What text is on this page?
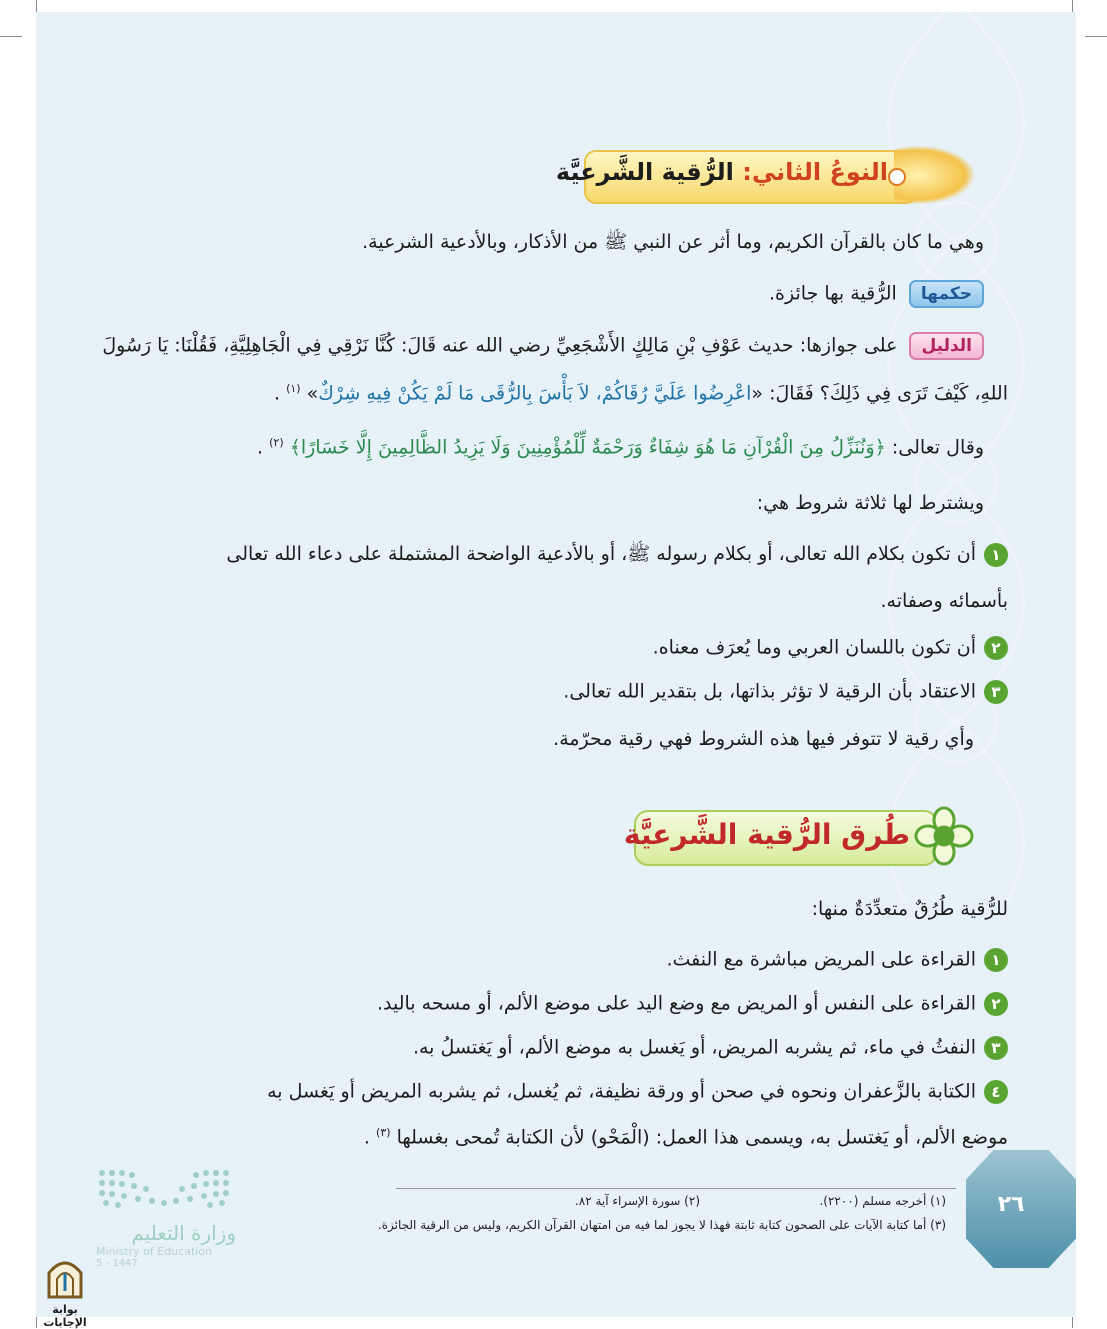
النوعُ الثاني: الرُّقية الشَّرعيَّة
وهي ما كان بالقرآن الكريم، وما أثر عن النبي ﷺ من الأذكار، وبالأدعية الشرعية.
حكمها الرُّقية بها جائزة.
الدليل على جوازها: حديث عَوْفِ بْنِ مَالِكٍ الأَشْجَعِيِّ رضي الله عنه قَالَ: كُنَّا نَرْقِي فِي الْجَاهِلِيَّةِ، فَقُلْنَا: يَا رَسُولَ
اللهِ، كَيْفَ تَرَى فِي ذَلِكَ؟ فَقَالَ: «اعْرِضُوا عَلَيَّ رُقَاكُمْ، لاَ بَأْسَ بِالرُّقَى مَا لَمْ يَكُنْ فِيهِ شِرْكٌ» $^{(١)}$ .
وقال تعالى: ﴿وَنُنَزِّلُ مِنَ الْقُرْآنِ مَا هُوَ شِفَاءٌ وَرَحْمَةٌ لِّلْمُؤْمِنِينَ وَلَا يَزِيدُ الظَّالِمِينَ إِلَّا خَسَارًا﴾ $^{(٢)}$ .
ويشترط لها ثلاثة شروط هي:
١أن تكون بكلام الله تعالى، أو بكلام رسوله ﷺ، أو بالأدعية الواضحة المشتملة على دعاء الله تعالى
بأسمائه وصفاته.
٢أن تكون باللسان العربي وما يُعرَف معناه.
٣الاعتقاد بأن الرقية لا تؤثر بذاتها، بل بتقدير الله تعالى.
وأي رقية لا تتوفر فيها هذه الشروط فهي رقية محرّمة.
طُرق الرُّقية الشَّرعيَّة
للرُّقية طُرُقٌ متعدِّدَةٌ منها:
١القراءة على المريض مباشرة مع النفث.
٢القراءة على النفس أو المريض مع وضع اليد على موضع الألم، أو مسحه باليد.
٣النفثُ في ماء، ثم يشربه المريض، أو يَغسل به موضع الألم، أو يَغتسلُ به.
٤الكتابة بالزَّعفران ونحوه في صحن أو ورقة نظيفة، ثم يُغسل، ثم يشربه المريض أو يَغسل به
موضع الألم، أو يَغتسل به، ويسمى هذا العمل: (الْمَحْو) لأن الكتابة تُمحى بغسلها $^{(٣)}$ .
وزارة التعليم
Ministry of Education
5 - 1447
(١) أخرجه مسلم (٢٢٠٠).
(٢) سورة الإسراء آية ٨٢.
(٣) أما كتابة الآيات على الصحون كتابة ثابتة فهذا لا يجوز لما فيه من امتهان القرآن الكريم، وليس من الرقية الجائزة.
٢٦
بوابة الإجابات
